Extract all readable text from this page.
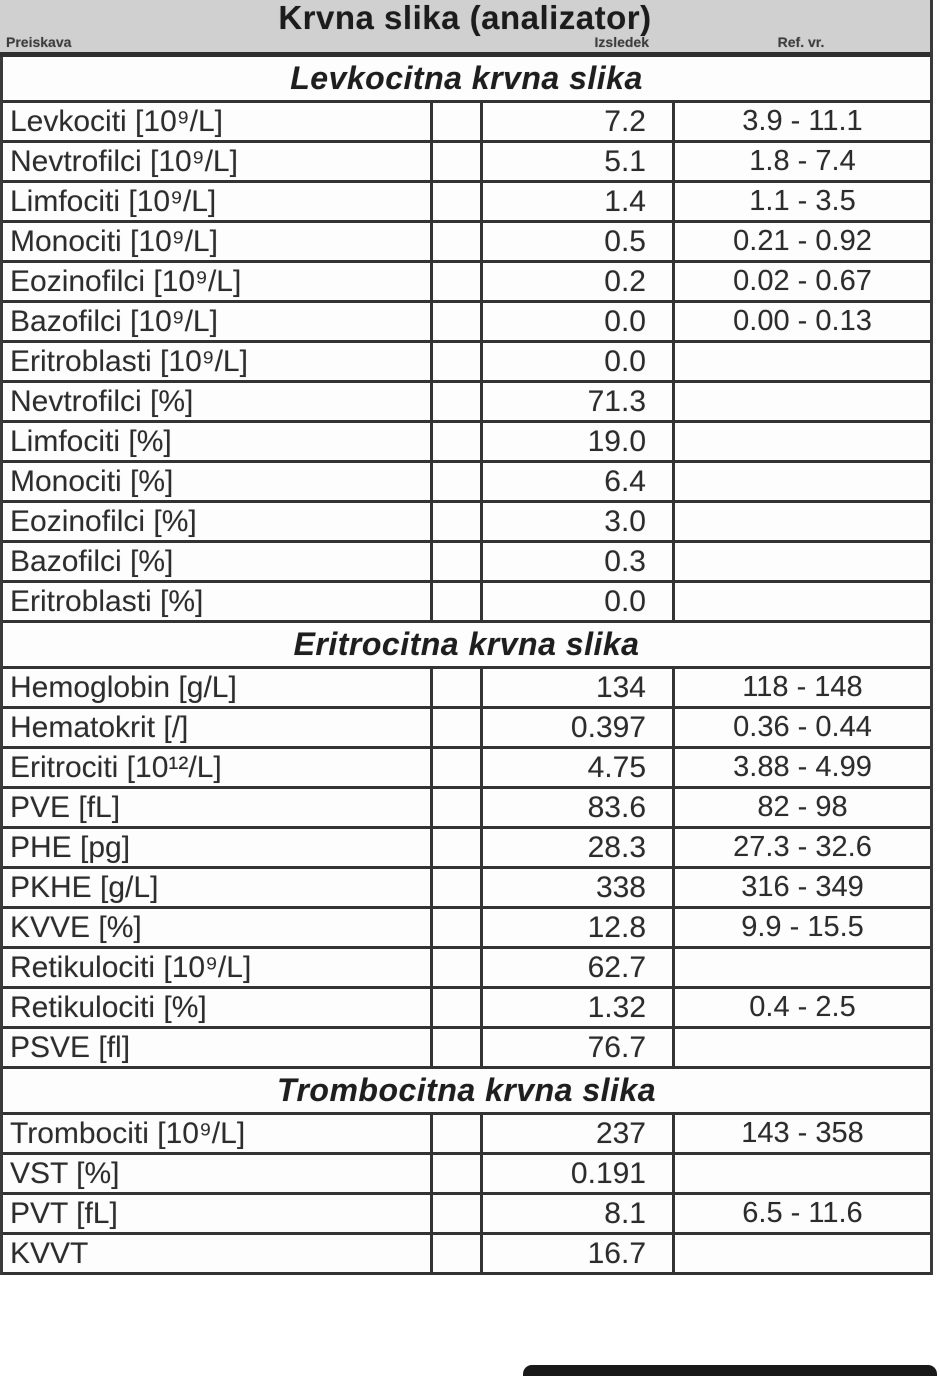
Krvna slika (analizator)
Preiskava	Izsledek	Ref. vr.
Levkocitna krvna slika
Levkociti [10⁹/L]	7.2	3.9 - 11.1
Nevtrofilci [10⁹/L]	5.1	1.8 - 7.4
Limfociti [10⁹/L]	1.4	1.1 - 3.5
Monociti [10⁹/L]	0.5	0.21 - 0.92
Eozinofilci [10⁹/L]	0.2	0.02 - 0.67
Bazofilci [10⁹/L]	0.0	0.00 - 0.13
Eritroblasti [10⁹/L]	0.0
Nevtrofilci [%]	71.3
Limfociti [%]	19.0
Monociti [%]	6.4
Eozinofilci [%]	3.0
Bazofilci [%]	0.3
Eritroblasti [%]	0.0
Eritrocitna krvna slika
Hemoglobin [g/L]	134	118 - 148
Hematokrit [/]	0.397	0.36 - 0.44
Eritrociti [10¹²/L]	4.75	3.88 - 4.99
PVE [fL]	83.6	82 - 98
PHE [pg]	28.3	27.3 - 32.6
PKHE [g/L]	338	316 - 349
KVVE [%]	12.8	9.9 - 15.5
Retikulociti [10⁹/L]	62.7
Retikulociti [%]	1.32	0.4 - 2.5
PSVE [fl]	76.7
Trombocitna krvna slika
Trombociti [10⁹/L]	237	143 - 358
VST [%]	0.191
PVT [fL]	8.1	6.5 - 11.6
KVVT	16.7
